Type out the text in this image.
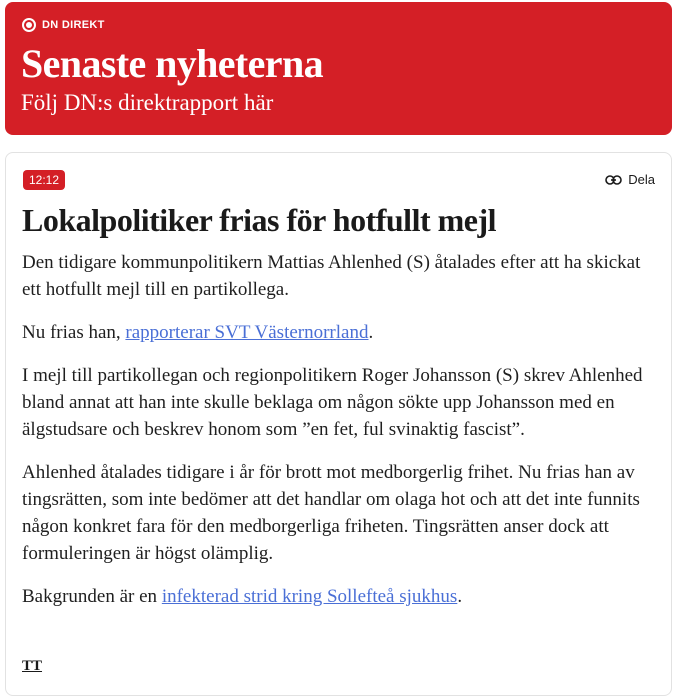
DN DIREKT
Senaste nyheterna
Följ DN:s direktrapport här
12:12	Dela
Lokalpolitiker frias för hotfullt mejl

Den tidigare kommunpolitikern Mattias Ahlenhed (S) åtalades efter att ha skickat ett hotfullt mejl till en partikollega.

Nu frias han, rapporterar SVT Västernorrland.

I mejl till partikollegan och regionpolitikern Roger Johansson (S) skrev Ahlenhed bland annat att han inte skulle beklaga om någon sökte upp Johansson med en älgstudsare och beskrev honom som ”en fet, ful svinaktig fascist”.

Ahlenhed åtalades tidigare i år för brott mot medborgerlig frihet. Nu frias han av tingsrätten, som inte bedömer att det handlar om olaga hot och att det inte funnits någon konkret fara för den medborgerliga friheten. Tingsrätten anser dock att formuleringen är högst olämplig.

Bakgrunden är en infekterad strid kring Sollefteå sjukhus.

TT
